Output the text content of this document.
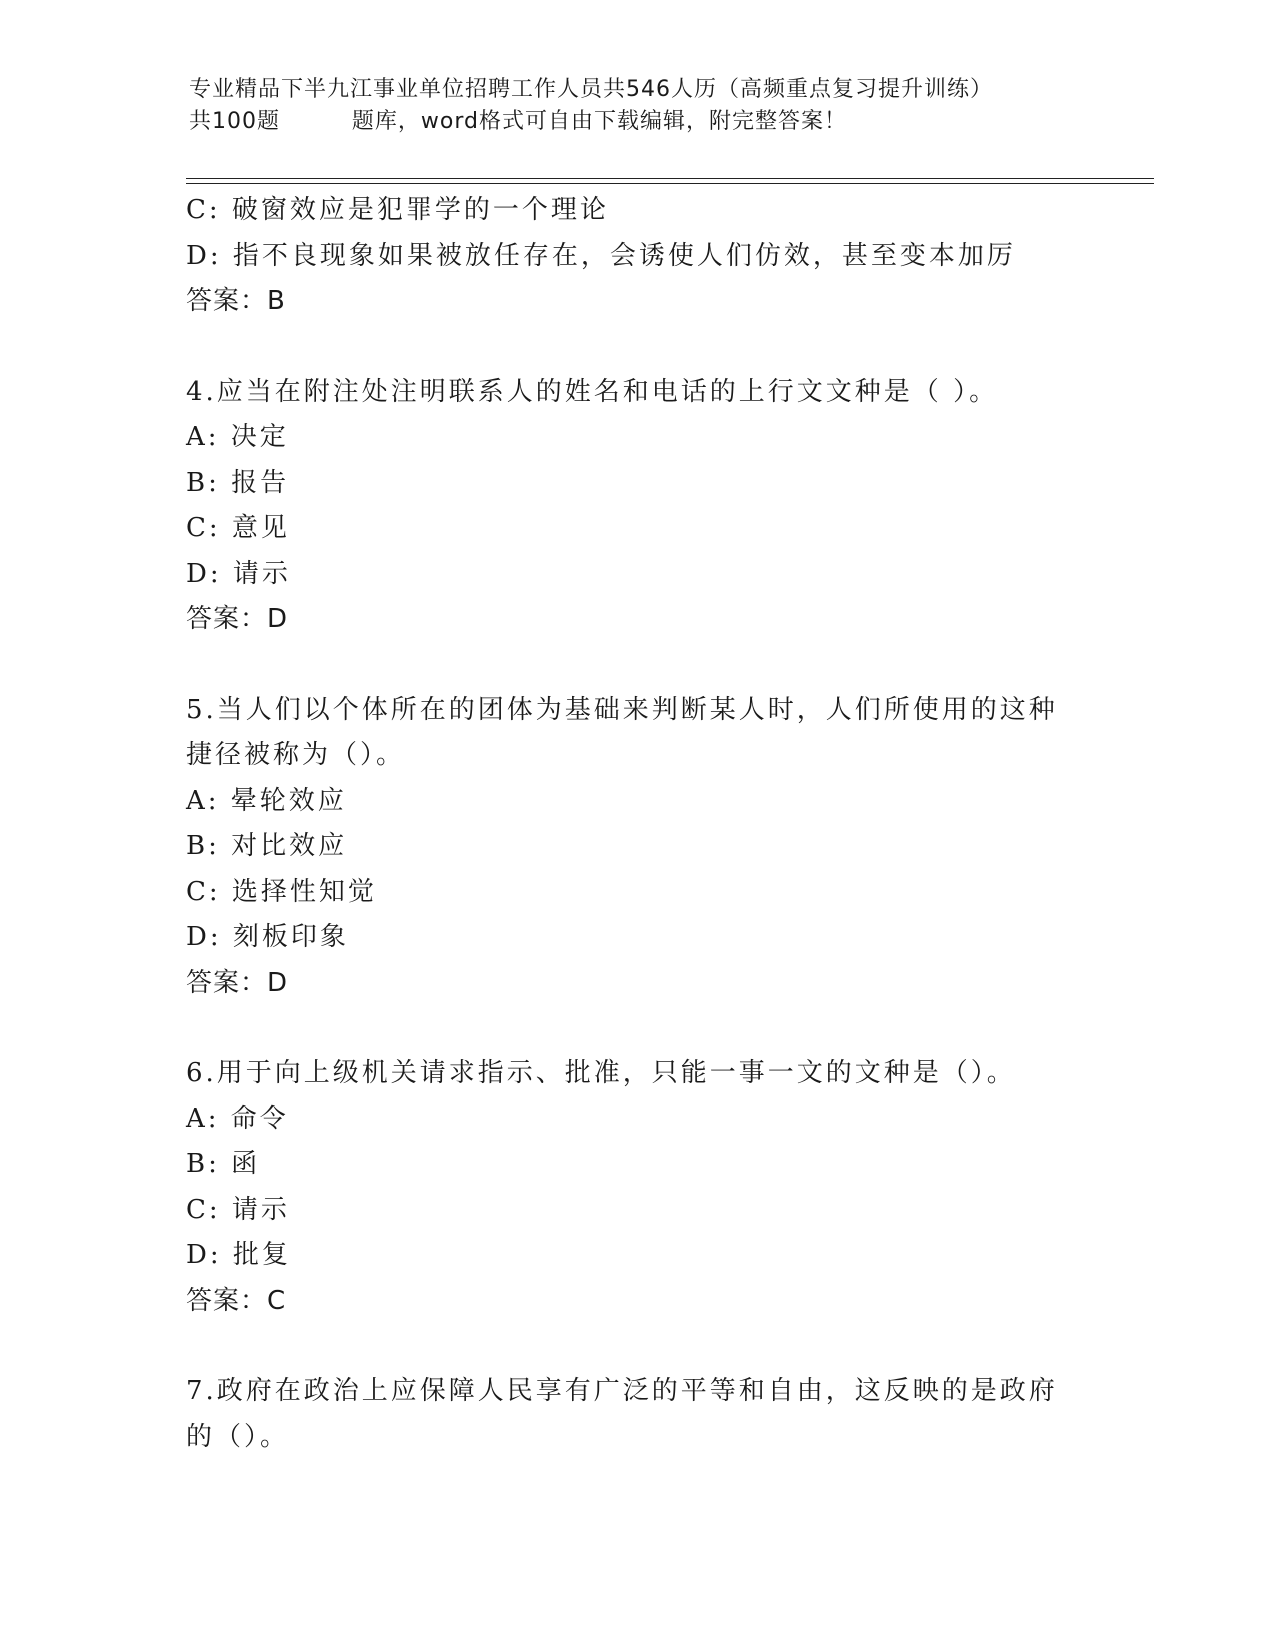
专业精品下半九江事业单位招聘工作人员共546人历（高频重点复习提升训练）
共100题         题库，word格式可自由下载编辑，附完整答案！
C: 破窗效应是犯罪学的一个理论
D: 指不良现象如果被放任存在，会诱使人们仿效，甚至变本加厉
答案：B
4.应当在附注处注明联系人的姓名和电话的上行文文种是（ ）。
A: 决定
B: 报告
C: 意见
D: 请示
答案：D
5.当人们以个体所在的团体为基础来判断某人时，人们所使用的这种
捷径被称为（）。
A: 晕轮效应
B: 对比效应
C: 选择性知觉
D: 刻板印象
答案：D
6.用于向上级机关请求指示、批准，只能一事一文的文种是（）。
A: 命令
B: 函
C: 请示
D: 批复
答案：C
7.政府在政治上应保障人民享有广泛的平等和自由，这反映的是政府
的（）。
